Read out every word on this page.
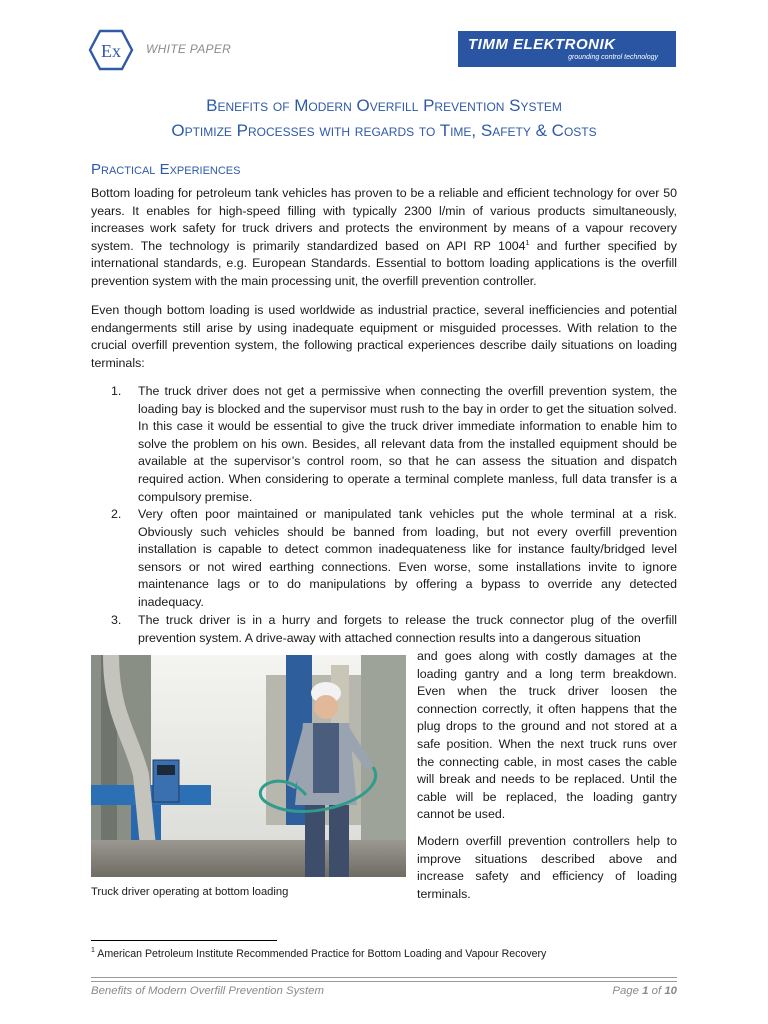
Ex WHITE PAPER	TIMM ELEKTRONIK
grounding control technology
Benefits of Modern Overfill Prevention System
Optimize Processes with regards to Time, Safety & Costs
Practical Experiences
Bottom loading for petroleum tank vehicles has proven to be a reliable and efficient technology for over 50 years. It enables for high-speed filling with typically 2300 l/min of various products simultaneously, increases work safety for truck drivers and protects the environment by means of a vapour recovery system. The technology is primarily standardized based on API RP 1004$^1$ and further specified by international standards, e.g. European Standards. Essential to bottom loading applications is the overfill prevention system with the main processing unit, the overfill prevention controller.
Even though bottom loading is used worldwide as industrial practice, several inefficiencies and potential endangerments still arise by using inadequate equipment or misguided processes. With relation to the crucial overfill prevention system, the following practical experiences describe daily situations on loading terminals:
1. The truck driver does not get a permissive when connecting the overfill prevention system, the loading bay is blocked and the supervisor must rush to the bay in order to get the situation solved. In this case it would be essential to give the truck driver immediate information to enable him to solve the problem on his own. Besides, all relevant data from the installed equipment should be available at the supervisor’s control room, so that he can assess the situation and dispatch required action. When considering to operate a terminal complete manless, full data transfer is a compulsory premise.
2. Very often poor maintained or manipulated tank vehicles put the whole terminal at a risk. Obviously such vehicles should be banned from loading, but not every overfill prevention installation is capable to detect common inadequateness like for instance faulty/bridged level sensors or not wired earthing connections. Even worse, some installations invite to ignore maintenance lags or to do manipulations by offering a bypass to override any detected inadequacy.
3. The truck driver is in a hurry and forgets to release the truck connector plug of the overfill prevention system. A drive-away with attached connection results into a dangerous situation
and goes along with costly damages at the loading gantry and a long term breakdown. Even when the truck driver loosen the connection correctly, it often happens that the plug drops to the ground and not stored at a safe position. When the next truck runs over the connecting cable, in most cases the cable will break and needs to be replaced. Until the cable will be replaced, the loading gantry cannot be used.
Truck driver operating at bottom loading
Modern overfill prevention controllers help to improve situations described above and increase safety and efficiency of loading terminals.
$^1$ American Petroleum Institute Recommended Practice for Bottom Loading and Vapour Recovery
Benefits of Modern Overfill Prevention System	Page 1 of 10
